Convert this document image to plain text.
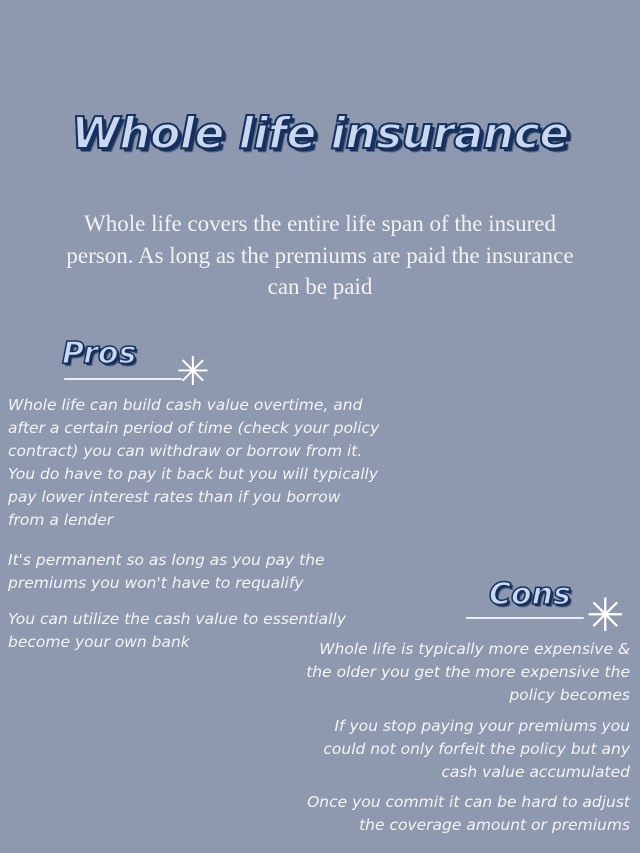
Whole life insurance
Whole life covers the entire life span of the insured person. As long as the premiums are paid the insurance can be paid
Pros ✳
Whole life can build cash value overtime, and after a certain period of time (check your policy contract) you can withdraw or borrow from it. You do have to pay it back but you will typically pay lower interest rates than if you borrow from a lender
It's permanent so as long as you pay the premiums you won't have to requalify
You can utilize the cash value to essentially become your own bank
Cons ✳
Whole life is typically more expensive & the older you get the more expensive the policy becomes
If you stop paying your premiums you could not only forfeit the policy but any cash value accumulated
Once you commit it can be hard to adjust the coverage amount or premiums
